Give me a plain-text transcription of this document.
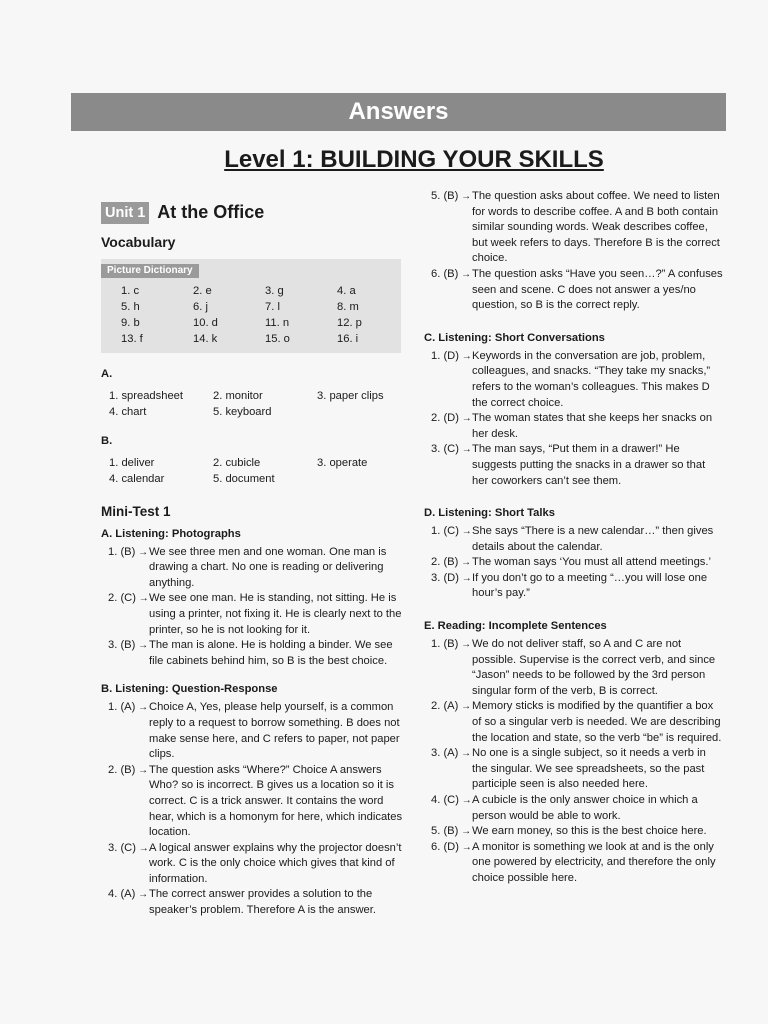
Answers
Level 1: BUILDING YOUR SKILLS
Unit 1 At the Office
Vocabulary
Picture Dictionary
1. c	2. e	3. g	4. a
5. h	6. j	7. l	8. m
9. b	10. d	11. n	12. p
13. f	14. k	15. o	16. i
A.
1. spreadsheet	2. monitor	3. paper clips
4. chart	5. keyboard
B.
1. deliver	2. cubicle	3. operate
4. calendar	5. document
Mini-Test 1
A. Listening: Photographs
1. (B) → We see three men and one woman. One man is drawing a chart. No one is reading or delivering anything.
2. (C) → We see one man. He is standing, not sitting. He is using a printer, not fixing it. He is clearly next to the printer, so he is not looking for it.
3. (B) → The man is alone. He is holding a binder. We see file cabinets behind him, so B is the best choice.
B. Listening: Question-Response
1. (A) → Choice A, Yes, please help yourself, is a common reply to a request to borrow something. B does not make sense here, and C refers to paper, not paper clips.
2. (B) → The question asks “Where?” Choice A answers Who? so is incorrect. B gives us a location so it is correct. C is a trick answer. It contains the word hear, which is a homonym for here, which indicates location.
3. (C) → A logical answer explains why the projector doesn’t work. C is the only choice which gives that kind of information.
4. (A) → The correct answer provides a solution to the speaker’s problem. Therefore A is the answer.
5. (B) → The question asks about coffee. We need to listen for words to describe coffee. A and B both contain similar sounding words. Weak describes coffee, but week refers to days. Therefore B is the correct choice.
6. (B) → The question asks “Have you seen…?” A confuses seen and scene. C does not answer a yes/no question, so B is the correct reply.
C. Listening: Short Conversations
1. (D) → Keywords in the conversation are job, problem, colleagues, and snacks. “They take my snacks,” refers to the woman’s colleagues. This makes D the correct choice.
2. (D) → The woman states that she keeps her snacks on her desk.
3. (C) → The man says, “Put them in a drawer!” He suggests putting the snacks in a drawer so that her coworkers can’t see them.
D. Listening: Short Talks
1. (C) → She says “There is a new calendar…” then gives details about the calendar.
2. (B) → The woman says ‘You must all attend meetings.’
3. (D) → If you don’t go to a meeting “…you will lose one hour’s pay.”
E. Reading: Incomplete Sentences
1. (B) → We do not deliver staff, so A and C are not possible. Supervise is the correct verb, and since “Jason” needs to be followed by the 3rd person singular form of the verb, B is correct.
2. (A) → Memory sticks is modified by the quantifier a box of so a singular verb is needed. We are describing the location and state, so the verb “be” is required.
3. (A) → No one is a single subject, so it needs a verb in the singular. We see spreadsheets, so the past participle seen is also needed here.
4. (C) → A cubicle is the only answer choice in which a person would be able to work.
5. (B) → We earn money, so this is the best choice here.
6. (D) → A monitor is something we look at and is the only one powered by electricity, and therefore the only choice possible here.
